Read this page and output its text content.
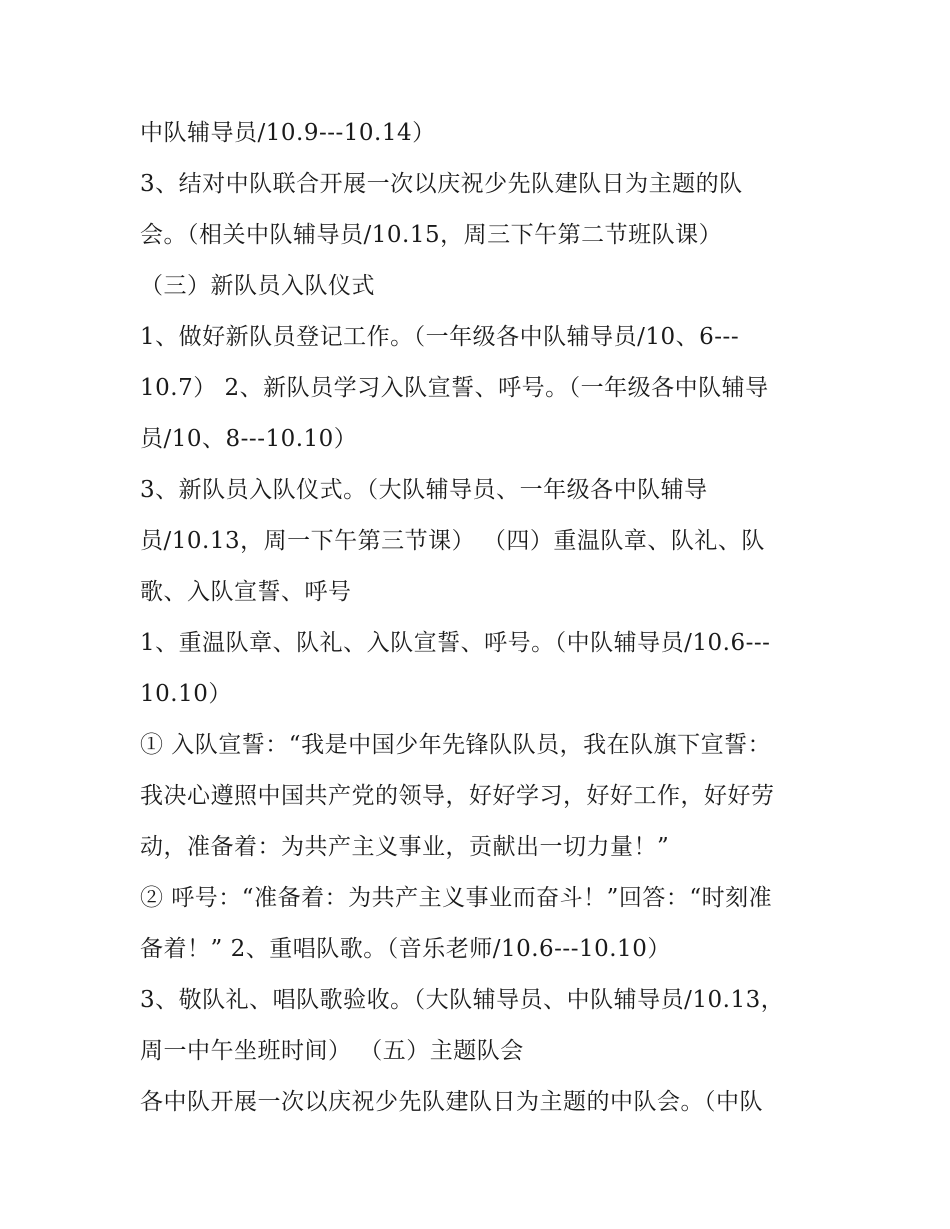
中队辅导员/10.9---10.14）
3、结对中队联合开展一次以庆祝少先队建队日为主题的队
会。（相关中队辅导员/10.15，周三下午第二节班队课）
（三）新队员入队仪式
1、做好新队员登记工作。（一年级各中队辅导员/10、6---
10.7） 2、新队员学习入队宣誓、呼号。（一年级各中队辅导
员/10、8---10.10）
3、新队员入队仪式。（大队辅导员、一年级各中队辅导
员/10.13，周一下午第三节课） （四）重温队章、队礼、队
歌、入队宣誓、呼号
1、重温队章、队礼、入队宣誓、呼号。（中队辅导员/10.6---
10.10）
① 入队宣誓：“我是中国少年先锋队队员，我在队旗下宣誓：
我决心遵照中国共产党的领导，好好学习，好好工作，好好劳
动，准备着：为共产主义事业，贡献出一切力量！”
② 呼号：“准备着：为共产主义事业而奋斗！”回答：“时刻准
备着！” 2、重唱队歌。（音乐老师/10.6---10.10）
3、敬队礼、唱队歌验收。（大队辅导员、中队辅导员/10.13，
周一中午坐班时间） （五）主题队会
各中队开展一次以庆祝少先队建队日为主题的中队会。（中队
